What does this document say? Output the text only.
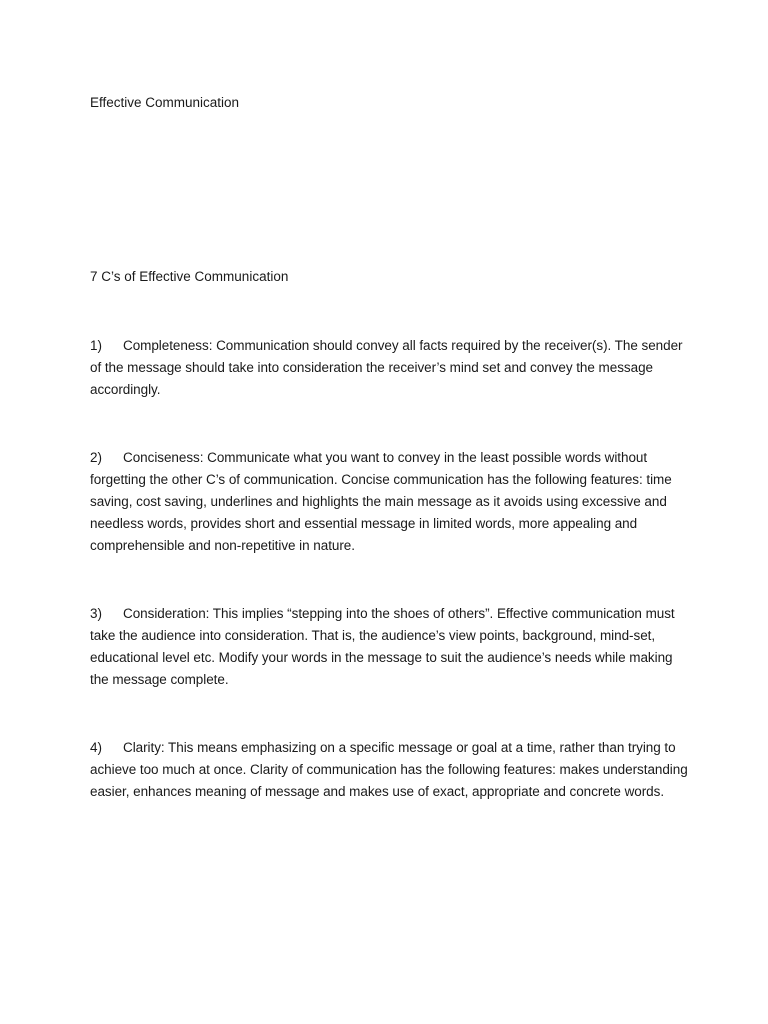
Effective Communication
7 C’s of Effective Communication
1) Completeness: Communication should convey all facts required by the receiver(s). The sender of the message should take into consideration the receiver’s mind set and convey the message accordingly.
2) Conciseness: Communicate what you want to convey in the least possible words without forgetting the other C’s of communication. Concise communication has the following features: time saving, cost saving, underlines and highlights the main message as it avoids using excessive and needless words, provides short and essential message in limited words, more appealing and comprehensible and non-repetitive in nature.
3) Consideration: This implies “stepping into the shoes of others”. Effective communication must take the audience into consideration. That is, the audience’s view points, background, mind-set, educational level etc. Modify your words in the message to suit the audience’s needs while making the message complete.
4) Clarity: This means emphasizing on a specific message or goal at a time, rather than trying to achieve too much at once. Clarity of communication has the following features: makes understanding easier, enhances meaning of message and makes use of exact, appropriate and concrete words.
